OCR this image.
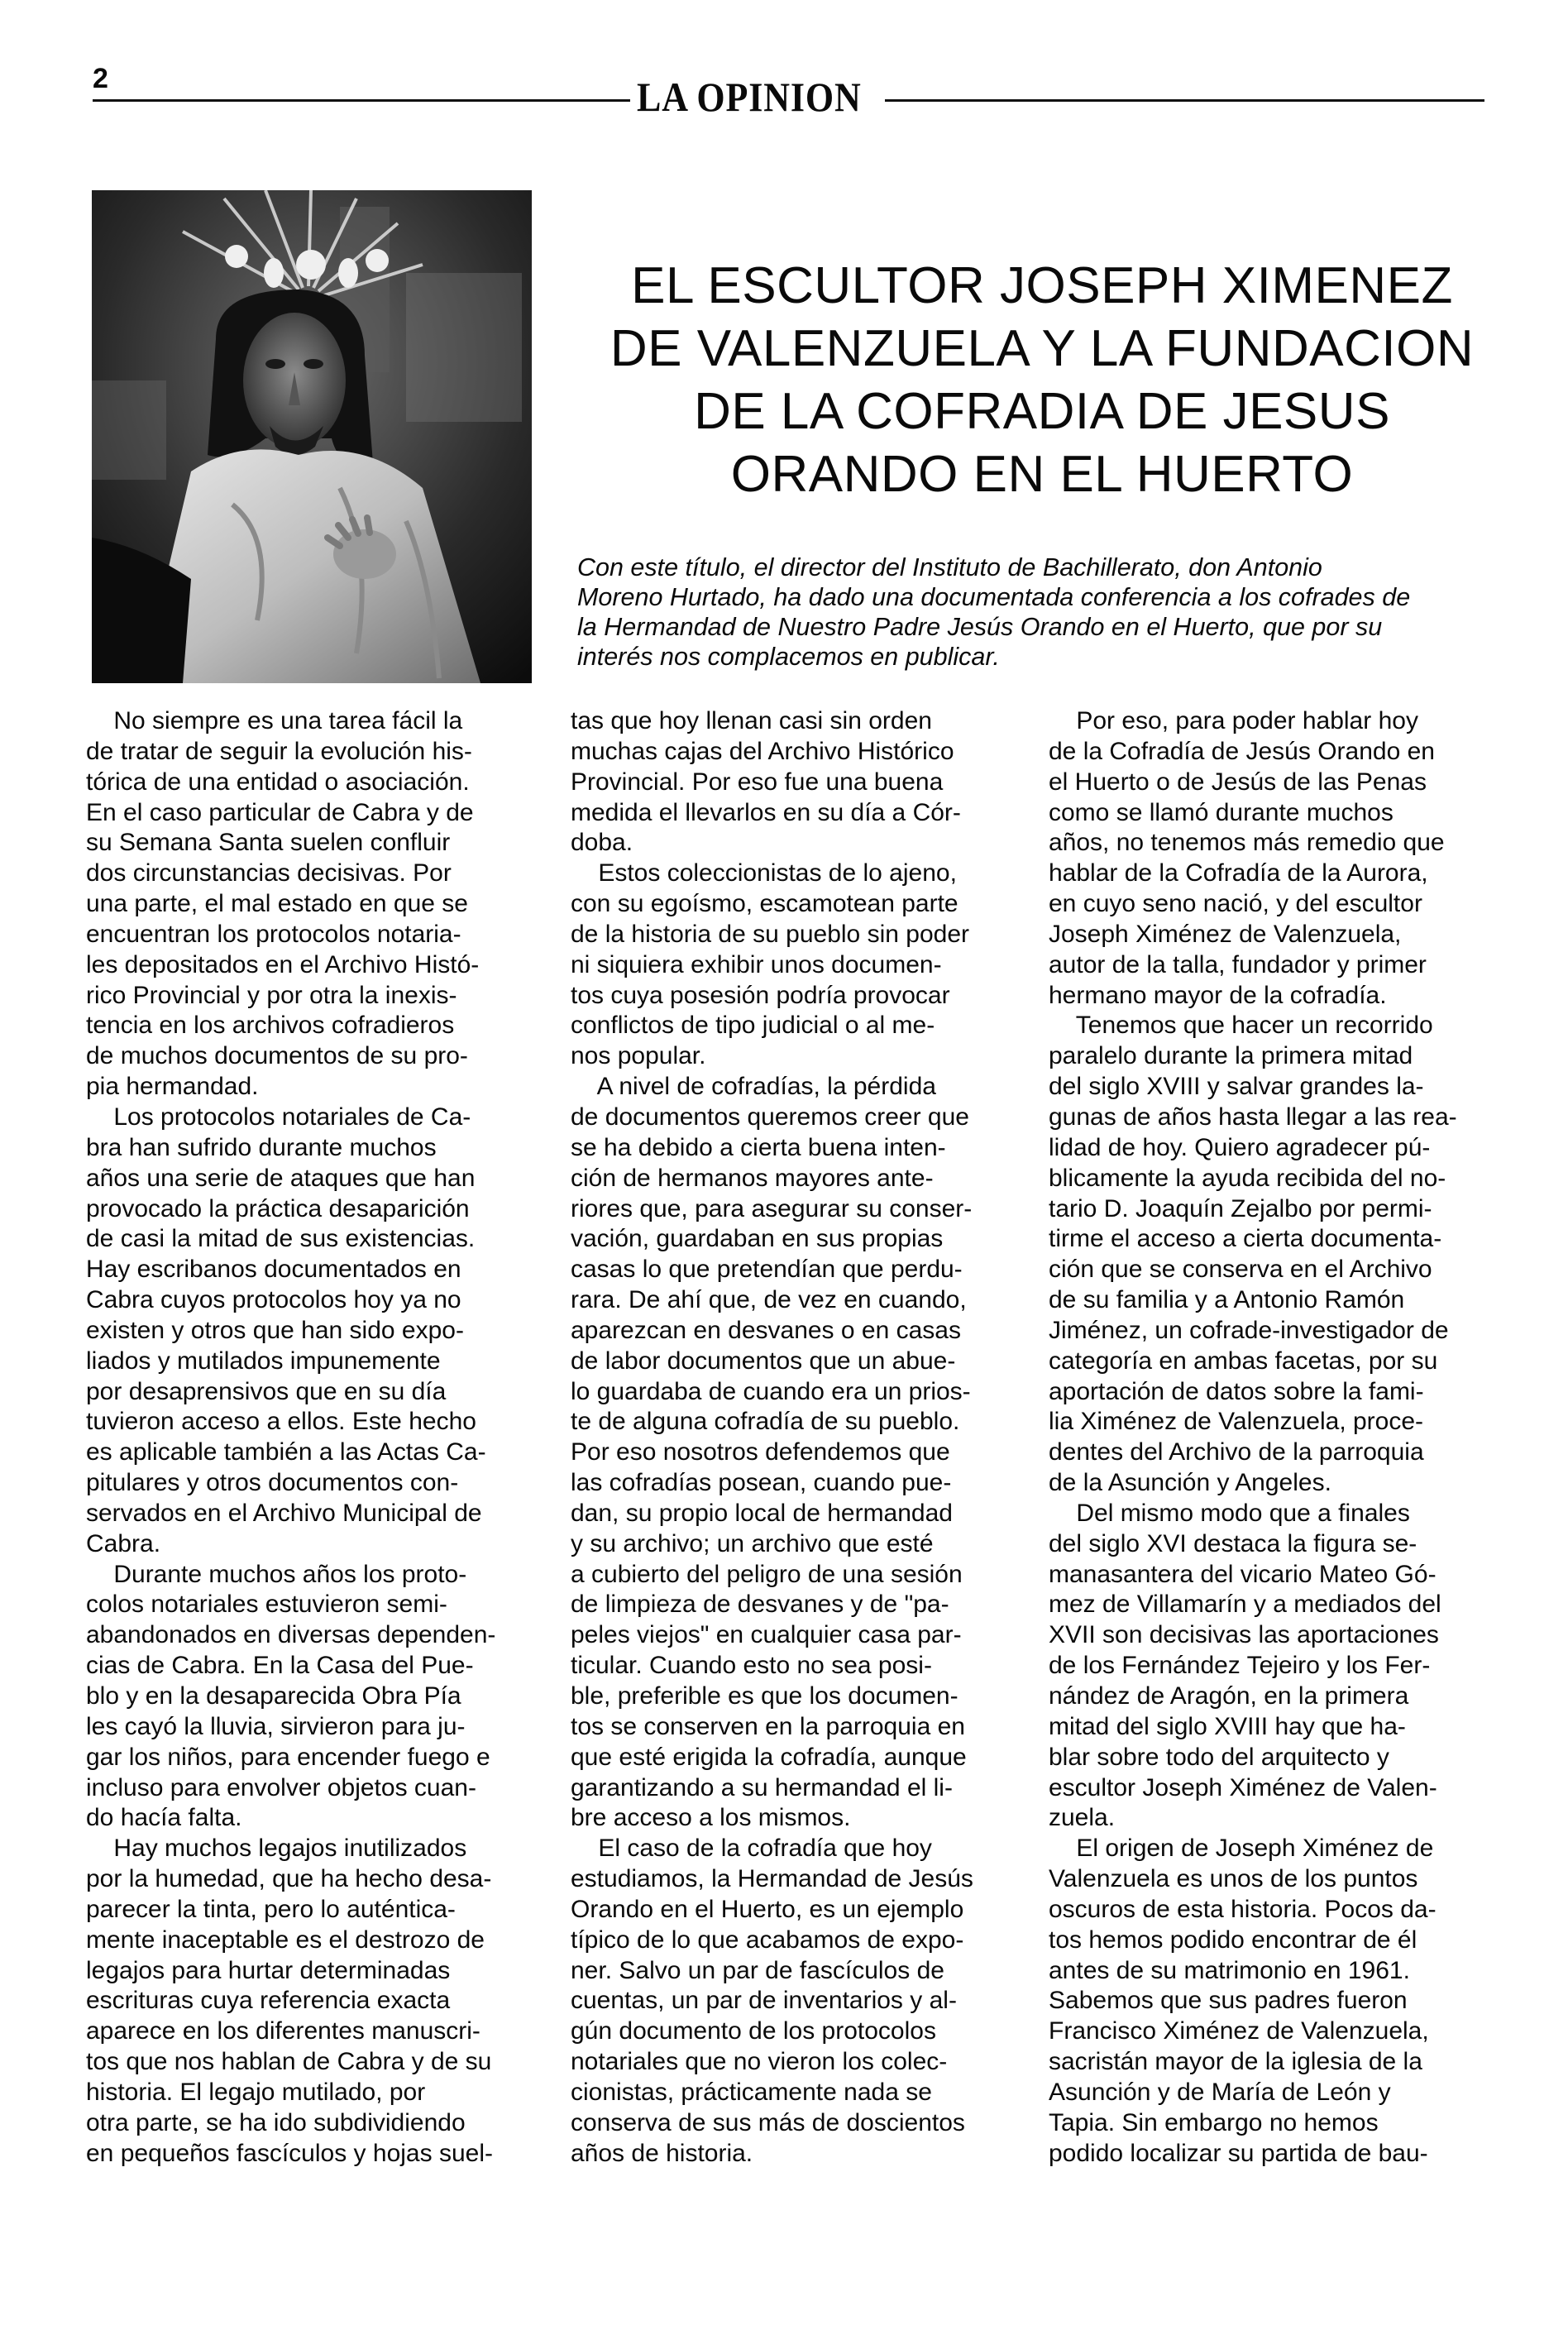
2	LA OPINION
EL ESCULTOR JOSEPH XIMENEZ
DE VALENZUELA Y LA FUNDACION
DE LA COFRADIA DE JESUS
ORANDO EN EL HUERTO

Con este título, el director del Instituto de Bachillerato, don Antonio
Moreno Hurtado, ha dado una documentada conferencia a los cofrades de
la Hermandad de Nuestro Padre Jesús Orando en el Huerto, que por su
interés nos complacemos en publicar.

No siempre es una tarea fácil la
de tratar de seguir la evolución his-
tórica de una entidad o asociación.
En el caso particular de Cabra y de
su Semana Santa suelen confluir
dos circunstancias decisivas. Por
una parte, el mal estado en que se
encuentran los protocolos notaria-
les depositados en el Archivo Histó-
rico Provincial y por otra la inexis-
tencia en los archivos cofradieros
de muchos documentos de su pro-
pia hermandad.
Los protocolos notariales de Ca-
bra han sufrido durante muchos
años una serie de ataques que han
provocado la práctica desaparición
de casi la mitad de sus existencias.
Hay escribanos documentados en
Cabra cuyos protocolos hoy ya no
existen y otros que han sido expo-
liados y mutilados impunemente
por desaprensivos que en su día
tuvieron acceso a ellos. Este hecho
es aplicable también a las Actas Ca-
pitulares y otros documentos con-
servados en el Archivo Municipal de
Cabra.
Durante muchos años los proto-
colos notariales estuvieron semi-
abandonados en diversas dependen-
cias de Cabra. En la Casa del Pue-
blo y en la desaparecida Obra Pía
les cayó la lluvia, sirvieron para ju-
gar los niños, para encender fuego e
incluso para envolver objetos cuan-
do hacía falta.
Hay muchos legajos inutilizados
por la humedad, que ha hecho desa-
parecer la tinta, pero lo auténtica-
mente inaceptable es el destrozo de
legajos para hurtar determinadas
escrituras cuya referencia exacta
aparece en los diferentes manuscri-
tos que nos hablan de Cabra y de su
historia. El legajo mutilado, por
otra parte, se ha ido subdividiendo
en pequeños fascículos y hojas suel-
tas que hoy llenan casi sin orden
muchas cajas del Archivo Histórico
Provincial. Por eso fue una buena
medida el llevarlos en su día a Cór-
doba.
Estos coleccionistas de lo ajeno,
con su egoísmo, escamotean parte
de la historia de su pueblo sin poder
ni siquiera exhibir unos documen-
tos cuya posesión podría provocar
conflictos de tipo judicial o al me-
nos popular.
A nivel de cofradías, la pérdida
de documentos queremos creer que
se ha debido a cierta buena inten-
ción de hermanos mayores ante-
riores que, para asegurar su conser-
vación, guardaban en sus propias
casas lo que pretendían que perdu-
rara. De ahí que, de vez en cuando,
aparezcan en desvanes o en casas
de labor documentos que un abue-
lo guardaba de cuando era un prios-
te de alguna cofradía de su pueblo.
Por eso nosotros defendemos que
las cofradías posean, cuando pue-
dan, su propio local de hermandad
y su archivo; un archivo que esté
a cubierto del peligro de una sesión
de limpieza de desvanes y de "pa-
peles viejos" en cualquier casa par-
ticular. Cuando esto no sea posi-
ble, preferible es que los documen-
tos se conserven en la parroquia en
que esté erigida la cofradía, aunque
garantizando a su hermandad el li-
bre acceso a los mismos.
El caso de la cofradía que hoy
estudiamos, la Hermandad de Jesús
Orando en el Huerto, es un ejemplo
típico de lo que acabamos de expo-
ner. Salvo un par de fascículos de
cuentas, un par de inventarios y al-
gún documento de los protocolos
notariales que no vieron los colec-
cionistas, prácticamente nada se
conserva de sus más de doscientos
años de historia.
Por eso, para poder hablar hoy
de la Cofradía de Jesús Orando en
el Huerto o de Jesús de las Penas
como se llamó durante muchos
años, no tenemos más remedio que
hablar de la Cofradía de la Aurora,
en cuyo seno nació, y del escultor
Joseph Ximénez de Valenzuela,
autor de la talla, fundador y primer
hermano mayor de la cofradía.
Tenemos que hacer un recorrido
paralelo durante la primera mitad
del siglo XVIII y salvar grandes la-
gunas de años hasta llegar a las rea-
lidad de hoy. Quiero agradecer pú-
blicamente la ayuda recibida del no-
tario D. Joaquín Zejalbo por permi-
tirme el acceso a cierta documenta-
ción que se conserva en el Archivo
de su familia y a Antonio Ramón
Jiménez, un cofrade-investigador de
categoría en ambas facetas, por su
aportación de datos sobre la fami-
lia Ximénez de Valenzuela, proce-
dentes del Archivo de la parroquia
de la Asunción y Angeles.
Del mismo modo que a finales
del siglo XVI destaca la figura se-
manasantera del vicario Mateo Gó-
mez de Villamarín y a mediados del
XVII son decisivas las aportaciones
de los Fernández Tejeiro y los Fer-
nández de Aragón, en la primera
mitad del siglo XVIII hay que ha-
blar sobre todo del arquitecto y
escultor Joseph Ximénez de Valen-
zuela.
El origen de Joseph Ximénez de
Valenzuela es unos de los puntos
oscuros de esta historia. Pocos da-
tos hemos podido encontrar de él
antes de su matrimonio en 1961.
Sabemos que sus padres fueron
Francisco Ximénez de Valenzuela,
sacristán mayor de la iglesia de la
Asunción y de María de León y
Tapia. Sin embargo no hemos
podido localizar su partida de bau-
